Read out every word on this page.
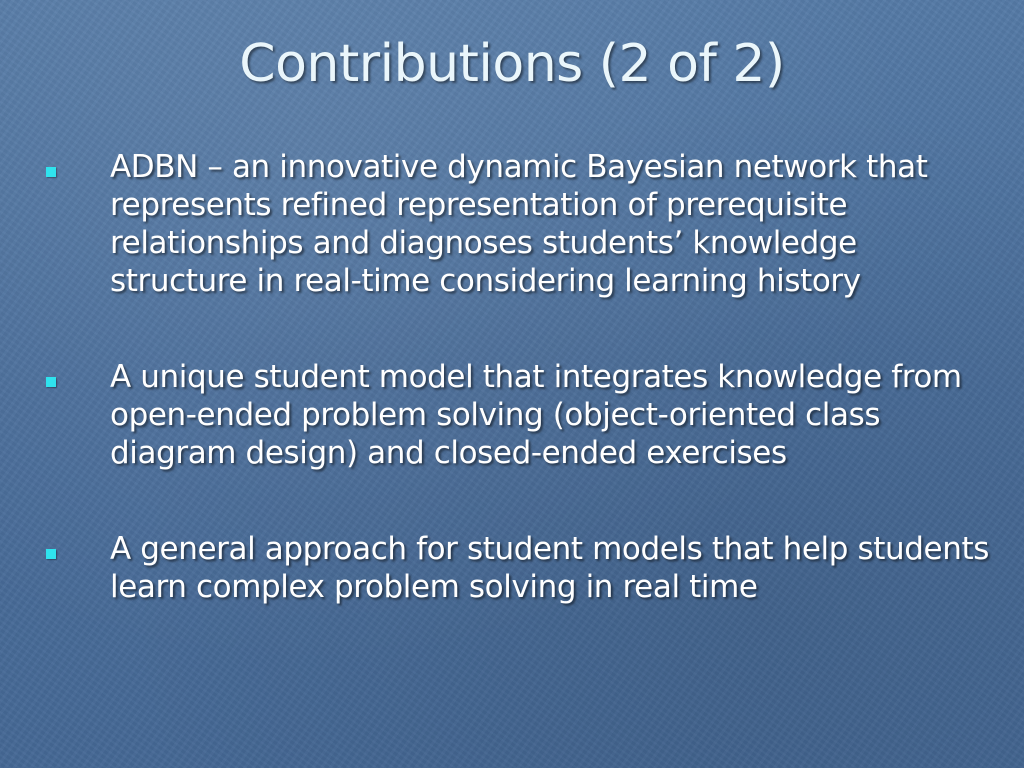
Contributions (2 of 2)
ADBN – an innovative dynamic Bayesian network that represents refined representation of prerequisite relationships and diagnoses students’ knowledge structure in real-time considering learning history
A unique student model that integrates knowledge from open-ended problem solving (object-oriented class diagram design) and closed-ended exercises
A general approach for student models that help students learn complex problem solving in real time
